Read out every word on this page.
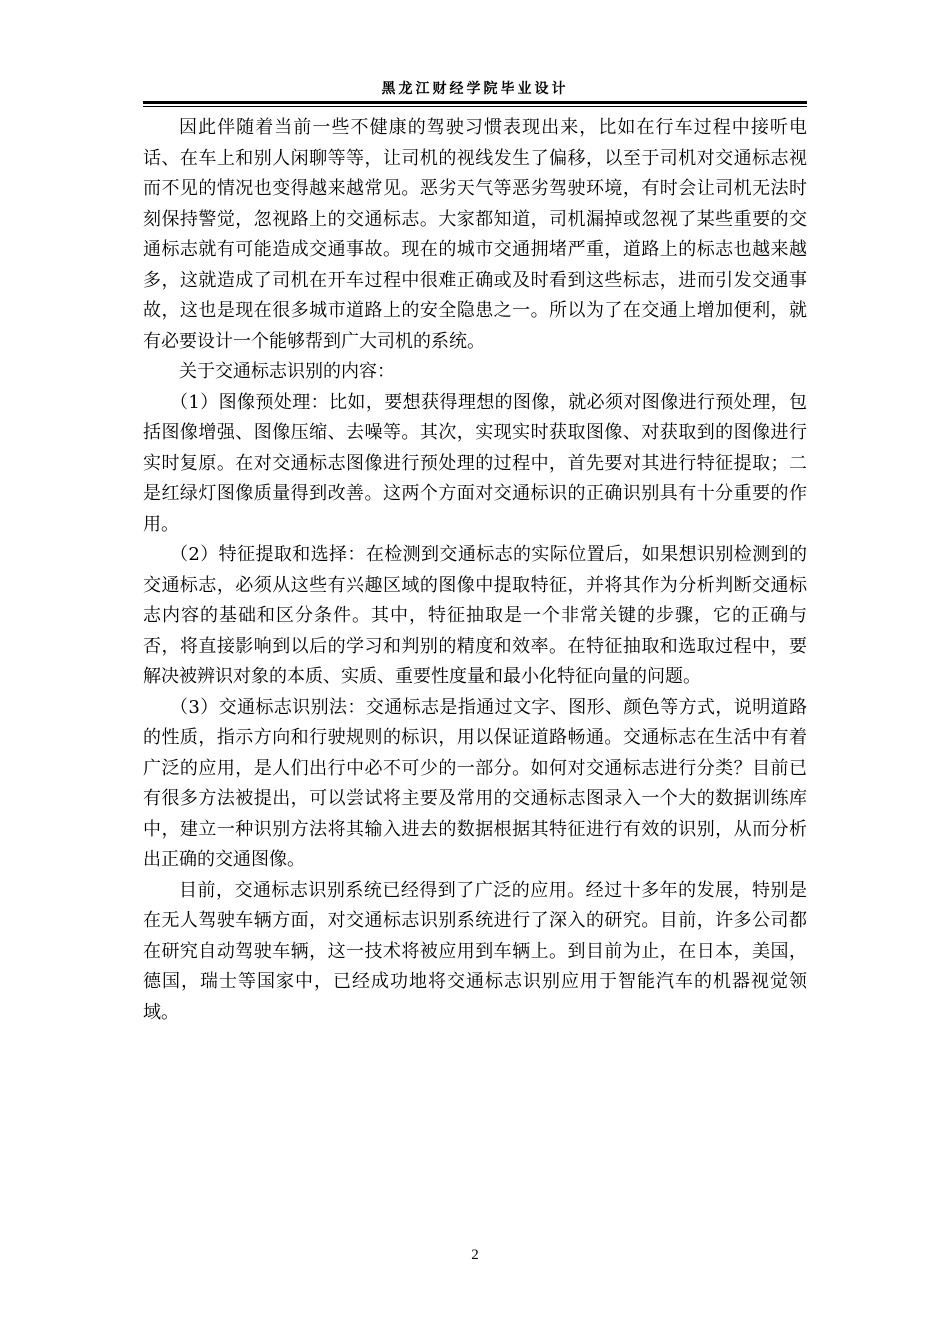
黑龙江财经学院毕业设计

因此伴随着当前一些不健康的驾驶习惯表现出来，比如在行车过程中接听电话、在车上和别人闲聊等等，让司机的视线发生了偏移，以至于司机对交通标志视而不见的情况也变得越来越常见。恶劣天气等恶劣驾驶环境，有时会让司机无法时刻保持警觉，忽视路上的交通标志。大家都知道，司机漏掉或忽视了某些重要的交通标志就有可能造成交通事故。现在的城市交通拥堵严重，道路上的标志也越来越多，这就造成了司机在开车过程中很难正确或及时看到这些标志，进而引发交通事故，这也是现在很多城市道路上的安全隐患之一。所以为了在交通上增加便利，就有必要设计一个能够帮到广大司机的系统。

关于交通标志识别的内容：

（1）图像预处理：比如，要想获得理想的图像，就必须对图像进行预处理，包括图像增强、图像压缩、去噪等。其次，实现实时获取图像、对获取到的图像进行实时复原。在对交通标志图像进行预处理的过程中，首先要对其进行特征提取；二是红绿灯图像质量得到改善。这两个方面对交通标识的正确识别具有十分重要的作用。

（2）特征提取和选择：在检测到交通标志的实际位置后，如果想识别检测到的交通标志，必须从这些有兴趣区域的图像中提取特征，并将其作为分析判断交通标志内容的基础和区分条件。其中，特征抽取是一个非常关键的步骤，它的正确与否，将直接影响到以后的学习和判别的精度和效率。在特征抽取和选取过程中，要解决被辨识对象的本质、实质、重要性度量和最小化特征向量的问题。

（3）交通标志识别法：交通标志是指通过文字、图形、颜色等方式，说明道路的性质，指示方向和行驶规则的标识，用以保证道路畅通。交通标志在生活中有着广泛的应用，是人们出行中必不可少的一部分。如何对交通标志进行分类？目前已有很多方法被提出，可以尝试将主要及常用的交通标志图录入一个大的数据训练库中，建立一种识别方法将其输入进去的数据根据其特征进行有效的识别，从而分析出正确的交通图像。

目前，交通标志识别系统已经得到了广泛的应用。经过十多年的发展，特别是在无人驾驶车辆方面，对交通标志识别系统进行了深入的研究。目前，许多公司都在研究自动驾驶车辆，这一技术将被应用到车辆上。到目前为止，在日本，美国，德国，瑞士等国家中，已经成功地将交通标志识别应用于智能汽车的机器视觉领域。

2
